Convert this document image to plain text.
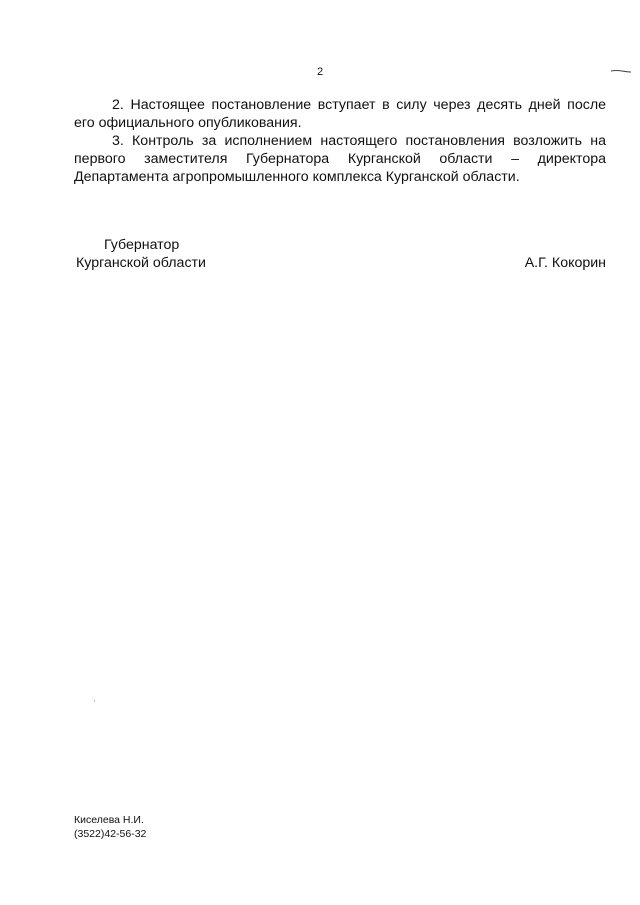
2

2. Настоящее постановление вступает в силу через десять дней после его официального опубликования.

3. Контроль за исполнением настоящего постановления возложить на первого заместителя Губернатора Курганской области – директора Департамента агропромышленного комплекса Курганской области.

Губернатор
Курганской области	А.Г. Кокорин
Киселева Н.И.
(3522)42-56-32
